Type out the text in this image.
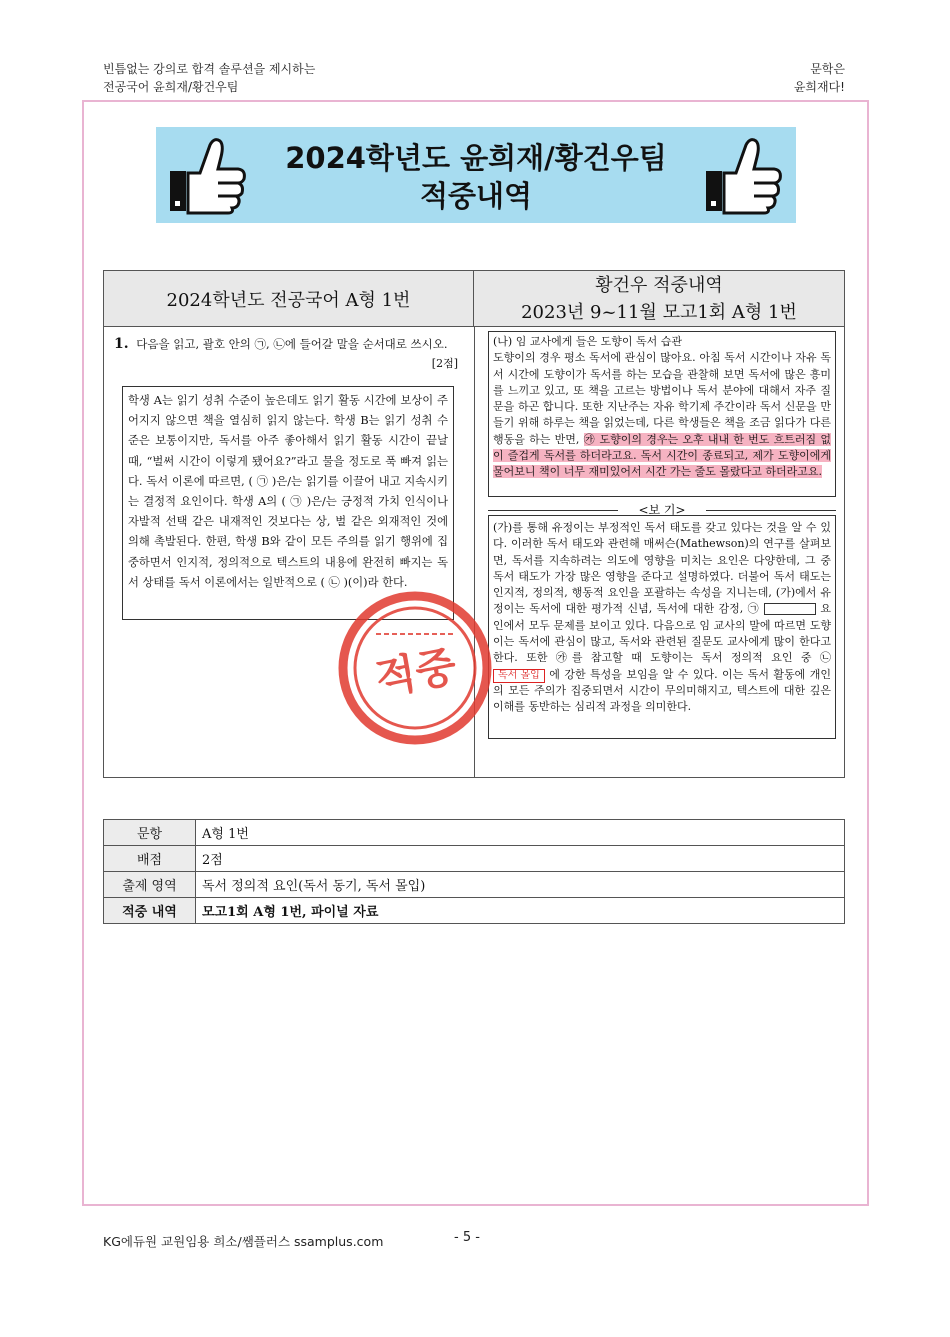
빈틈없는 강의로 합격 솔루션을 제시하는
전공국어 윤희재/황건우팀
문학은
윤희재다!
2024학년도 윤희재/황건우팀
적중내역
2024학년도 전공국어 A형 1번
황건우 적중내역
2023년 9~11월 모고1회 A형 1번
1. 다음을 읽고, 괄호 안의 ㉠, ㉡에 들어갈 말을 순서대로 쓰시오.
[2점]
학생 A는 읽기 성취 수준이 높은데도 읽기 활동 시간에 보상이 주어지지 않으면 책을 열심히 읽지 않는다. 학생 B는 읽기 성취 수준은 보통이지만, 독서를 아주 좋아해서 읽기 활동 시간이 끝날 때, “벌써 시간이 이렇게 됐어요?”라고 물을 정도로 푹 빠져 읽는다. 독서 이론에 따르면, ( ㉠ )은/는 읽기를 이끌어 내고 지속시키는 결정적 요인이다. 학생 A의 ( ㉠ )은/는 긍정적 가치 인식이나 자발적 선택 같은 내재적인 것보다는 상, 벌 같은 외재적인 것에 의해 촉발된다. 한편, 학생 B와 같이 모든 주의를 읽기 행위에 집중하면서 인지적, 정의적으로 텍스트의 내용에 완전히 빠지는 독서 상태를 독서 이론에서는 일반적으로 ( ㉡ )(이)라 한다.
(나) 임 교사에게 들은 도향이 독서 습관
도향이의 경우 평소 독서에 관심이 많아요. 아침 독서 시간이나 자유 독서 시간에 도향이가 독서를 하는 모습을 관찰해 보면 독서에 많은 흥미를 느끼고 있고, 또 책을 고르는 방법이나 독서 분야에 대해서 자주 질문을 하곤 합니다. 또한 지난주는 자유 학기제 주간이라 독서 신문을 만들기 위해 하루는 책을 읽었는데, 다른 학생들은 책을 조금 읽다가 다른 행동을 하는 반면, ㉮ 도향이의 경우는 오후 내내 한 번도 흐트러짐 없이 즐겁게 독서를 하더라고요. 독서 시간이 종료되고, 제가 도향이에게 물어보니 책이 너무 재미있어서 시간 가는 줄도 몰랐다고 하더라고요.
<보 기>
(가)를 통해 유정이는 부정적인 독서 태도를 갖고 있다는 것을 알 수 있다. 이러한 독서 태도와 관련해 매써슨(Mathewson)의 연구를 살펴보면, 독서를 지속하려는 의도에 영향을 미치는 요인은 다양한데, 그 중 독서 태도가 가장 많은 영향을 준다고 설명하였다. 더불어 독서 태도는 인지적, 정의적, 행동적 요인을 포괄하는 속성을 지니는데, (가)에서 유정이는 독서에 대한 평가적 신념, 독서에 대한 감정, ㉠	요인에서 모두 문제를 보이고 있다. 다음으로 임 교사의 말에 따르면 도향이는 독서에 관심이 많고, 독서와 관련된 질문도 교사에게 많이 한다고 한다. 또한 ㉮를 참고할 때 도향이는 독서 정의적 요인 중 ㉡ 독서 몰입 에 강한 특성을 보임을 알 수 있다. 이는 독서 활동에 개인의 모든 주의가 집중되면서 시간이 무의미해지고, 텍스트에 대한 깊은 이해를 동반하는 심리적 과정을 의미한다.
적중
문항	A형 1번
배점	2점
출제 영역	독서 정의적 요인(독서 동기, 독서 몰입)
적중 내역	모고1회 A형 1번, 파이널 자료
KG에듀원 교원임용 희소/쌤플러스 ssamplus.com	- 5 -
